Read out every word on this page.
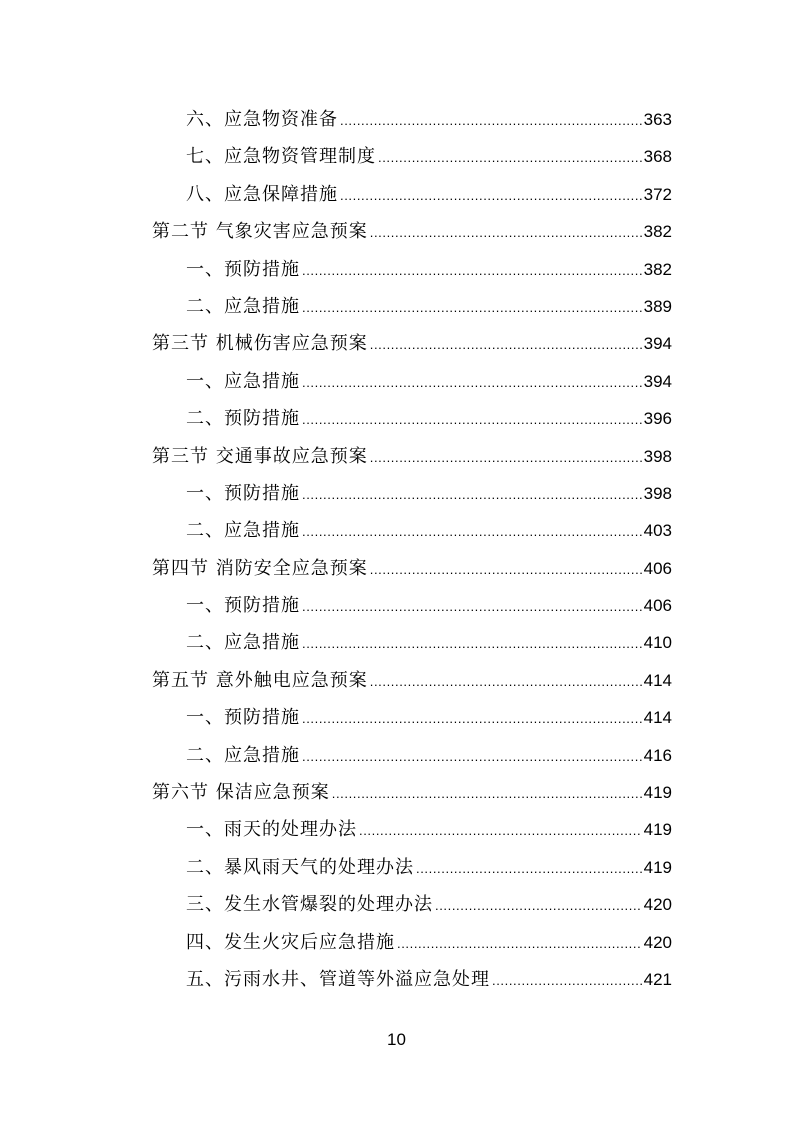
六、应急物资准备 .....	363
七、应急物资管理制度 .....	368
八、应急保障措施 .....	372
第二节 气象灾害应急预案 .....	382
一、预防措施 .....	382
二、应急措施 .....	389
第三节 机械伤害应急预案 .....	394
一、应急措施 .....	394
二、预防措施 .....	396
第三节 交通事故应急预案 .....	398
一、预防措施 .....	398
二、应急措施 .....	403
第四节 消防安全应急预案 .....	406
一、预防措施 .....	406
二、应急措施 .....	410
第五节 意外触电应急预案 .....	414
一、预防措施 .....	414
二、应急措施 .....	416
第六节 保洁应急预案 .....	419
一、雨天的处理办法 .....	419
二、暴风雨天气的处理办法 .....	419
三、发生水管爆裂的处理办法 .....	420
四、发生火灾后应急措施 .....	420
五、污雨水井、管道等外溢应急处理 .....	421
10
